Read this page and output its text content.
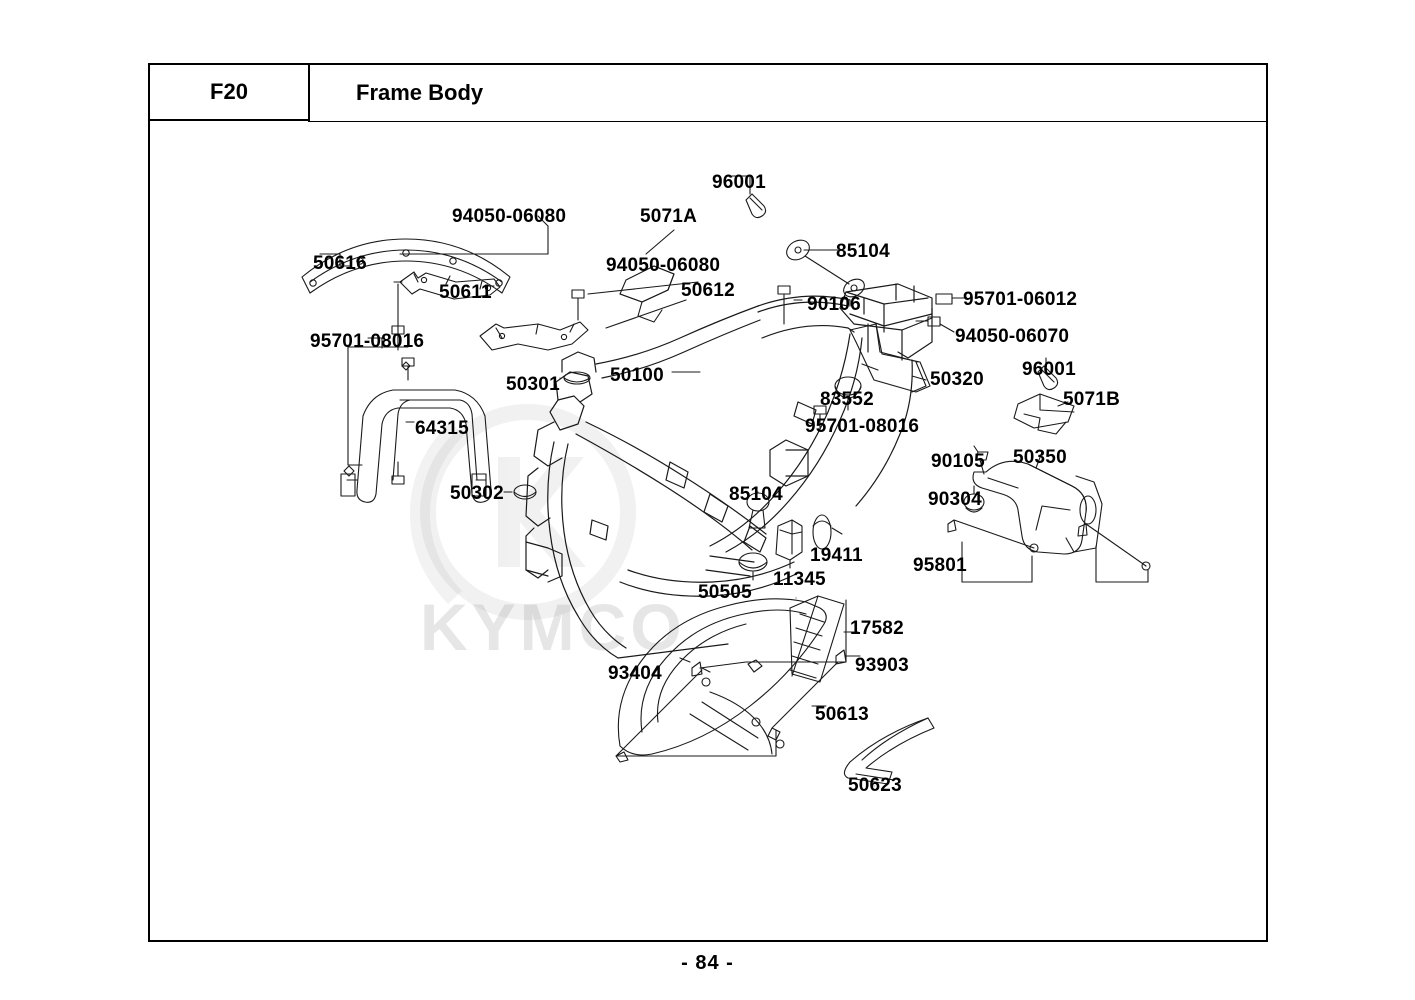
KYMCO
96001
94050-06080	5071A
85104
50616	94050-06080
50611	50612
90106	95701-06012
95701-08016	94050-06070
50100
50301	50320 96001
83552	5071B
95701-08016
64315
90105 50350
90304
50302	85104
19411	95801
11345
50505
17582
93903
93404
50613
50623
F20	Frame Body
- 84 -
